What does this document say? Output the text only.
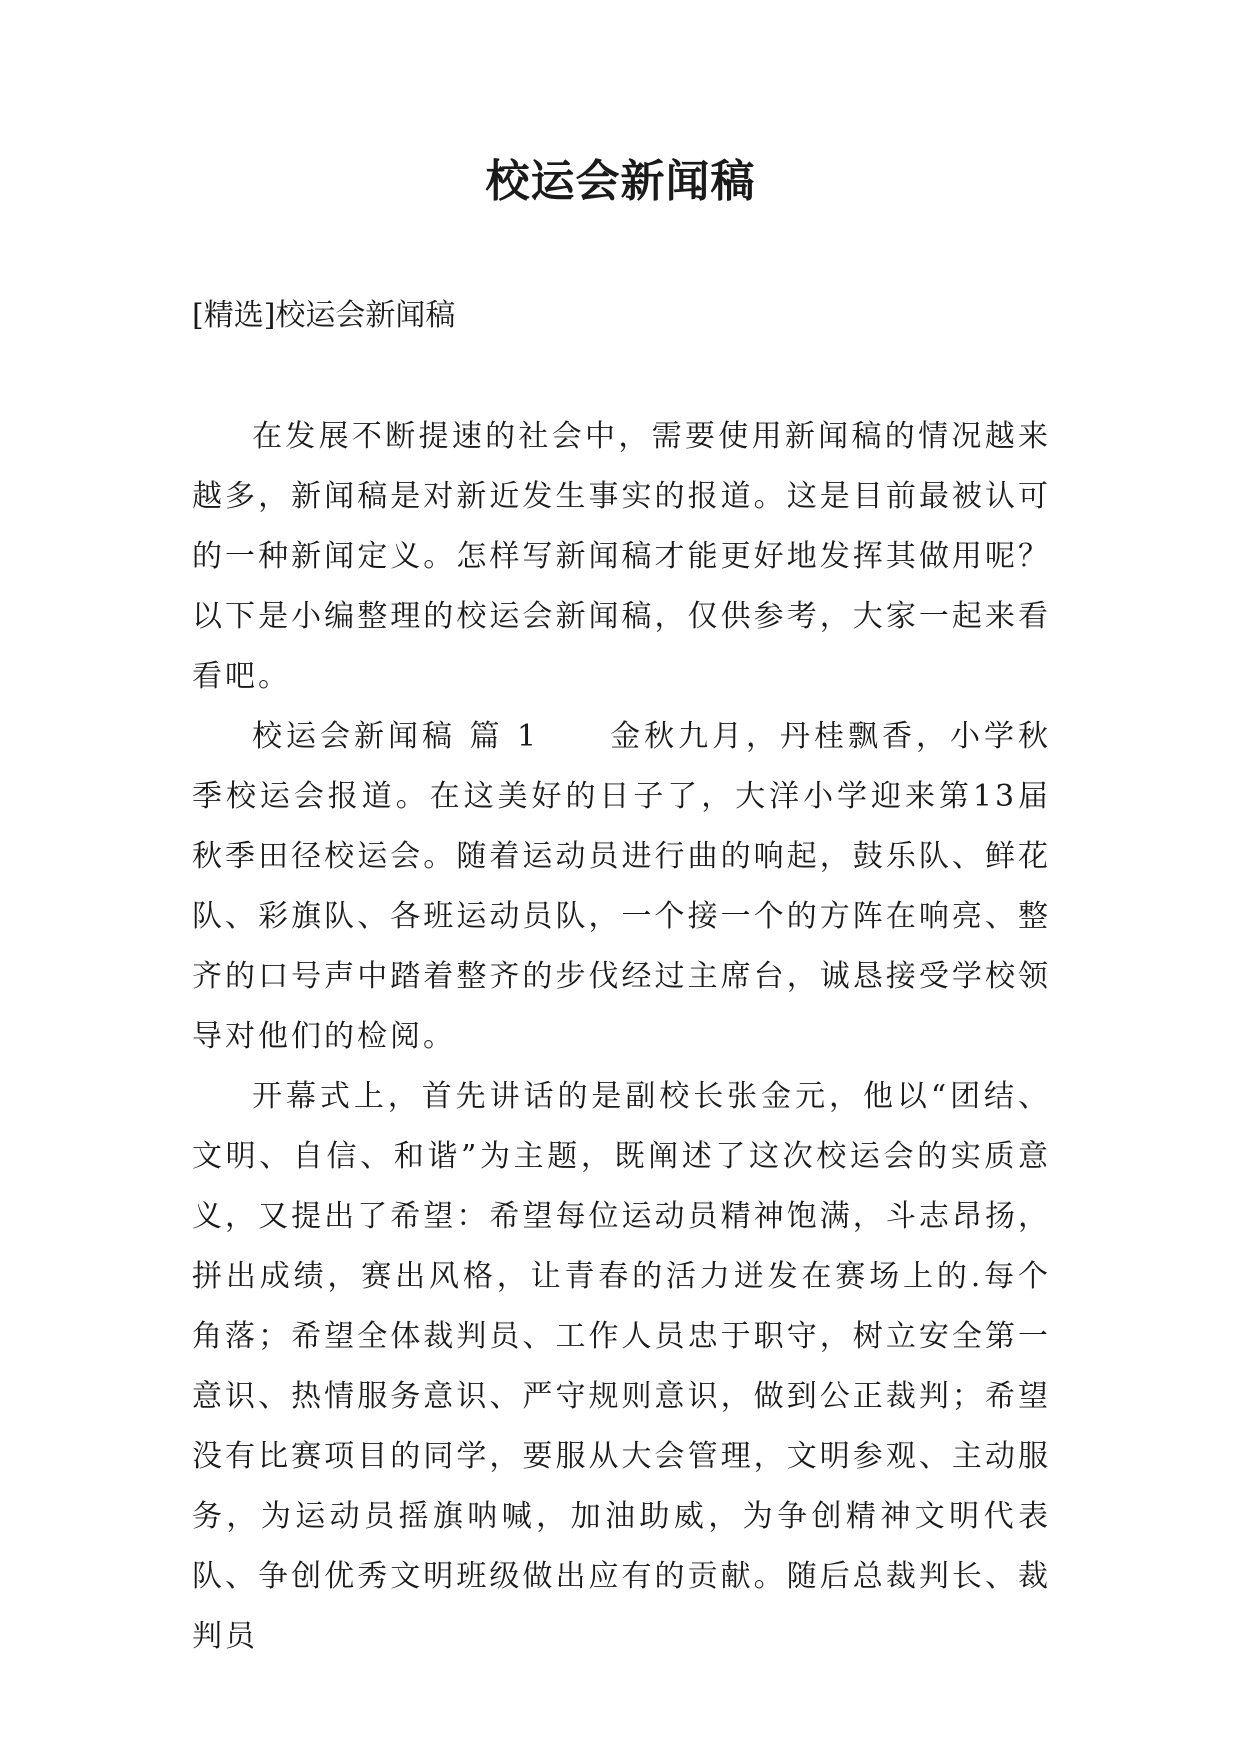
校运会新闻稿

[精选]校运会新闻稿

在发展不断提速的社会中，需要使用新闻稿的情况越来越多，新闻稿是对新近发生事实的报道。这是目前最被认可的一种新闻定义。怎样写新闻稿才能更好地发挥其做用呢？以下是小编整理的校运会新闻稿，仅供参考，大家一起来看看吧。

校运会新闻稿 篇 1 金秋九月，丹桂飘香，小学秋季校运会报道。在这美好的日子了，大洋小学迎来第13届秋季田径校运会。随着运动员进行曲的响起，鼓乐队、鲜花队、彩旗队、各班运动员队，一个接一个的方阵在响亮、整齐的口号声中踏着整齐的步伐经过主席台，诚恳接受学校领导对他们的检阅。

开幕式上，首先讲话的是副校长张金元，他以“团结、文明、自信、和谐”为主题，既阐述了这次校运会的实质意义，又提出了希望：希望每位运动员精神饱满，斗志昂扬，拼出成绩，赛出风格，让青春的活力迸发在赛场上的.每个角落；希望全体裁判员、工作人员忠于职守，树立安全第一意识、热情服务意识、严守规则意识，做到公正裁判；希望没有比赛项目的同学，要服从大会管理，文明参观、主动服务，为运动员摇旗呐喊，加油助威，为争创精神文明代表队、争创优秀文明班级做出应有的贡献。随后总裁判长、裁判员
